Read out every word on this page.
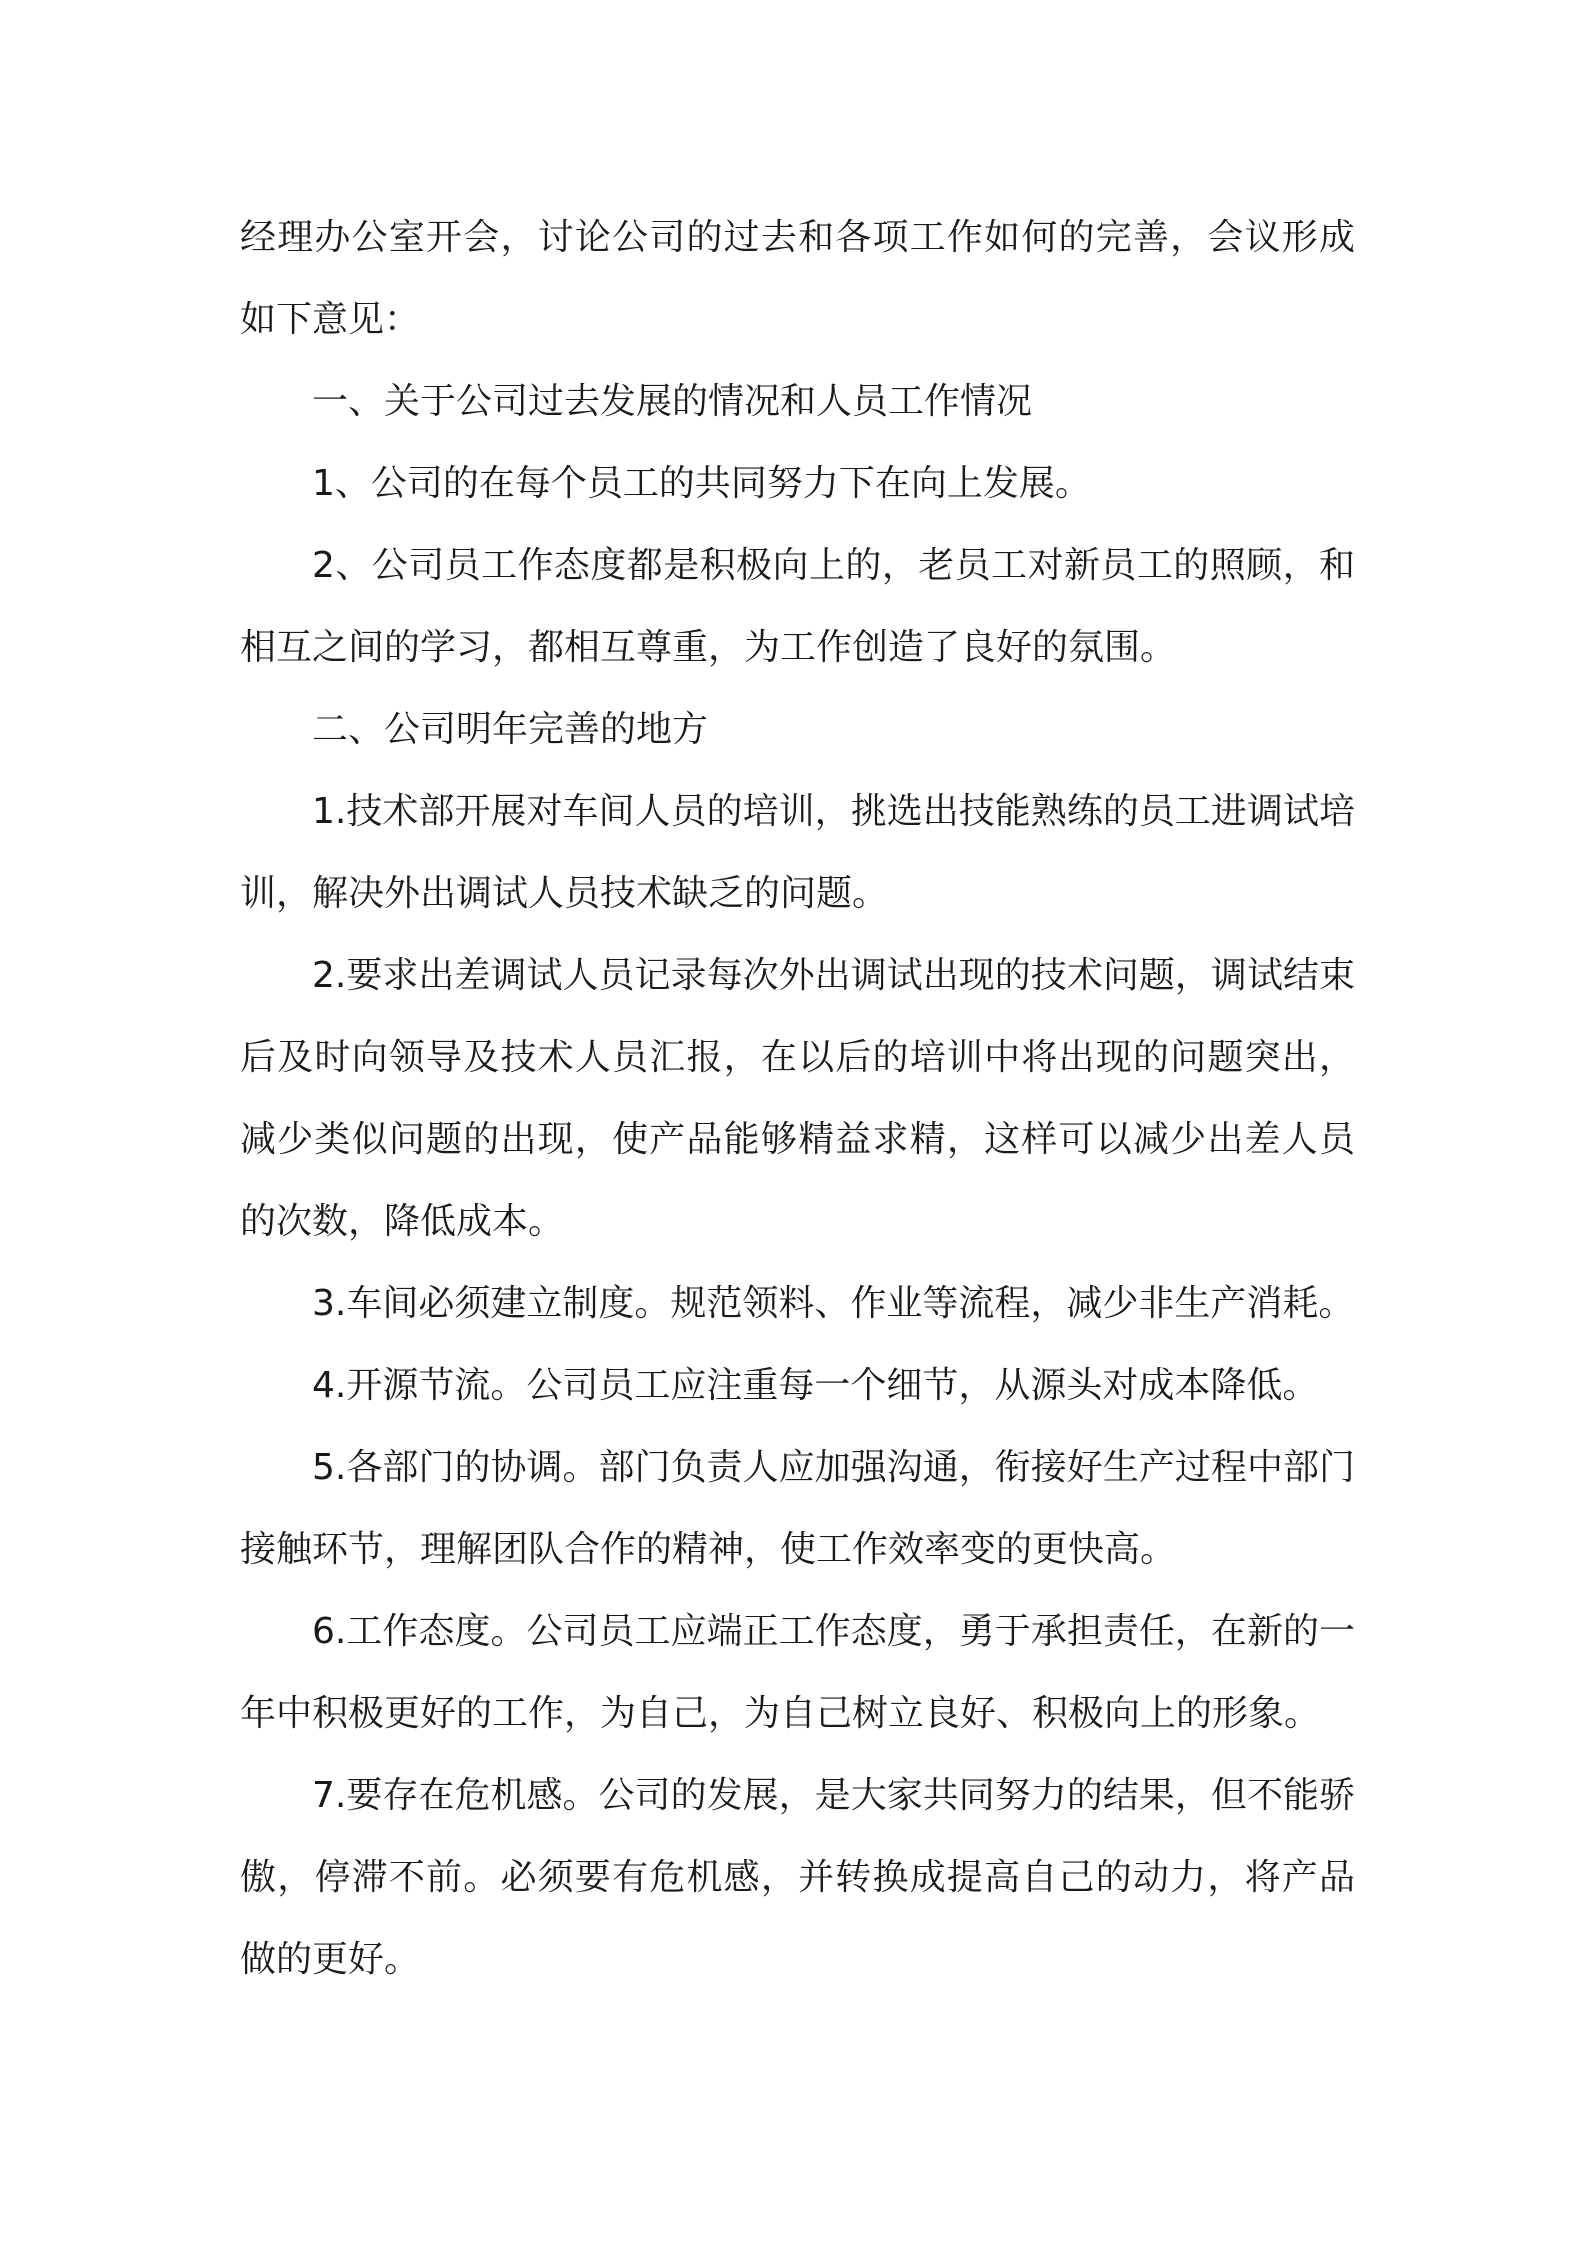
经理办公室开会，讨论公司的过去和各项工作如何的完善，会议形成如下意见：

一、关于公司过去发展的情况和人员工作情况

1、公司的在每个员工的共同努力下在向上发展。

2、公司员工作态度都是积极向上的，老员工对新员工的照顾，和相互之间的学习，都相互尊重，为工作创造了良好的氛围。

二、公司明年完善的地方

1.技术部开展对车间人员的培训，挑选出技能熟练的员工进调试培训，解决外出调试人员技术缺乏的问题。

2.要求出差调试人员记录每次外出调试出现的技术问题，调试结束后及时向领导及技术人员汇报，在以后的培训中将出现的问题突出，减少类似问题的出现，使产品能够精益求精，这样可以减少出差人员的次数，降低成本。

3.车间必须建立制度。规范领料、作业等流程，减少非生产消耗。

4.开源节流。公司员工应注重每一个细节，从源头对成本降低。

5.各部门的协调。部门负责人应加强沟通，衔接好生产过程中部门接触环节，理解团队合作的精神，使工作效率变的更快高。

6.工作态度。公司员工应端正工作态度，勇于承担责任，在新的一年中积极更好的工作，为自己，为自己树立良好、积极向上的形象。

7.要存在危机感。公司的发展，是大家共同努力的结果，但不能骄傲，停滞不前。必须要有危机感，并转换成提高自己的动力，将产品做的更好。
